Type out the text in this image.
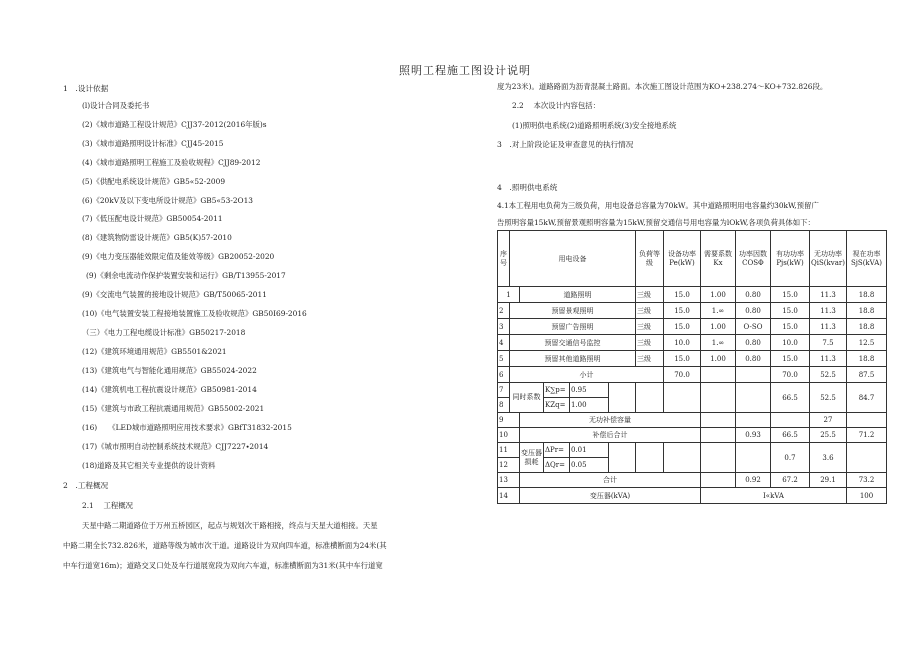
照明工程施工图设计说明
1　.设计依据
(l)设计合同及委托书
(2)《城市道路工程设计规范》CJJ37-2012(2016年版)s
(3)《城市道路照明设计标准》CJJ45-2015
(4)《城市道路照明工程施工及验收规程》CJJ89-2012
(5)《供配电系统设计规范》GB5«52-2009
(6)《20kV及以下变电所设计规范》GB5«53-2O13
(7)《低压配电设计规范》GB50054-2011
(8)《建筑物防雷设计规范》GB5(K)57-2010
(9)《电力变压器能效限定值及能效等级》GB20052-2020
(9)《剩余电流动作保护装置安装和运行》GB/T13955-2017
(9)《交流电气装置的接地设计规范》GB/T50065-2011
(10)《电气装置安装工程接地装置施工及验收规范》GB50I69-2016
（三）《电力工程电缆设计标准》GB50217-2018
(12)《建筑环境通用规范》GB5501&2021
(13)《建筑电气与智能化通用规范》GB55024-2022
(14)《建筑机电工程抗震设计规范》GB50981-2014
(15)《建筑与市政工程抗震通用规范》GB55002-2021
(16)　　《LED城市道路照明应用技术要求》GBfT31832-2015
(17)《城市照明自动控制系统技术规范》CJJ7227∙2014
(18)道路及其它相关专业提供的设计资料
2　.工程概况
2.1　 工程概况
天星中路二期道路位于万州五桥园区，起点与规划次干路相接，终点与天星大道相接。天星
中路二期全长732.826米，道路等级为城市次干道。道路设计为双向四车道，标准横断面为24米(其
中车行道宽16m)；道路交叉口处及车行道展宽段为双向六车道，标准横断面为31米(其中车行道宽
度为23米)。道路路面为沥青混凝土路面。本次施工图设计范围为KO+238.274～KO+732.826段。
2.2　 本次设计内容包括：
(1)照明供电系统(2)道路照明系统(3)安全接地系统
3　.对上阶段论证及审查意见的执行情况
4　.照明供电系统
4.1本工程用电负荷为三级负荷，用电设备总容量为70kW。其中道路照明用电容量约30kW,预留广
告照明容量15kW,预留景观照明容量为15kW,预留交通信号用电容量为lOkW,各项负荷具体如下：
序号	用电设备					负荷等级	设备功率Pe(kW)	需要系数Kx	功率因数COSΦ	有功功率Pjs(kW)	无功功率QiS(kvar)	视在功率SjS(kVA)
1		道路照明				三级	15.0	1.00	0.80	15.0	11.3	18.8
2	预留景观照明					三级	15.0	1.∞	0.80	15.0	11.3	18.8
3	预留广告照明					三级	15.0	1.00	O-SO	15.0	11.3	18.8
4	预留交通信号监控					三级	10.0	1.∞	0.80	10.0	7.5	12.5
5	预留其他道路照明					三级	15.0	1.00	0.80	15.0	11.3	18.8
6	小计						70.0			70.0	52.5	87.5
7	同时系数		K∑p=	0.95						66.5	52.5	84.7
8			KZq=	1.00								
9		无功补偿容量									27	
10		补偿后合计							0.93	66.5	25.5	71.2
11		变压器损耗	ΔPr=	0.01						0.7	3.6	
12			ΔQr=	0.05								
13		合计							0.92	67.2	29.1	73.2
14		变压器(kVA)						I«kVA				100
